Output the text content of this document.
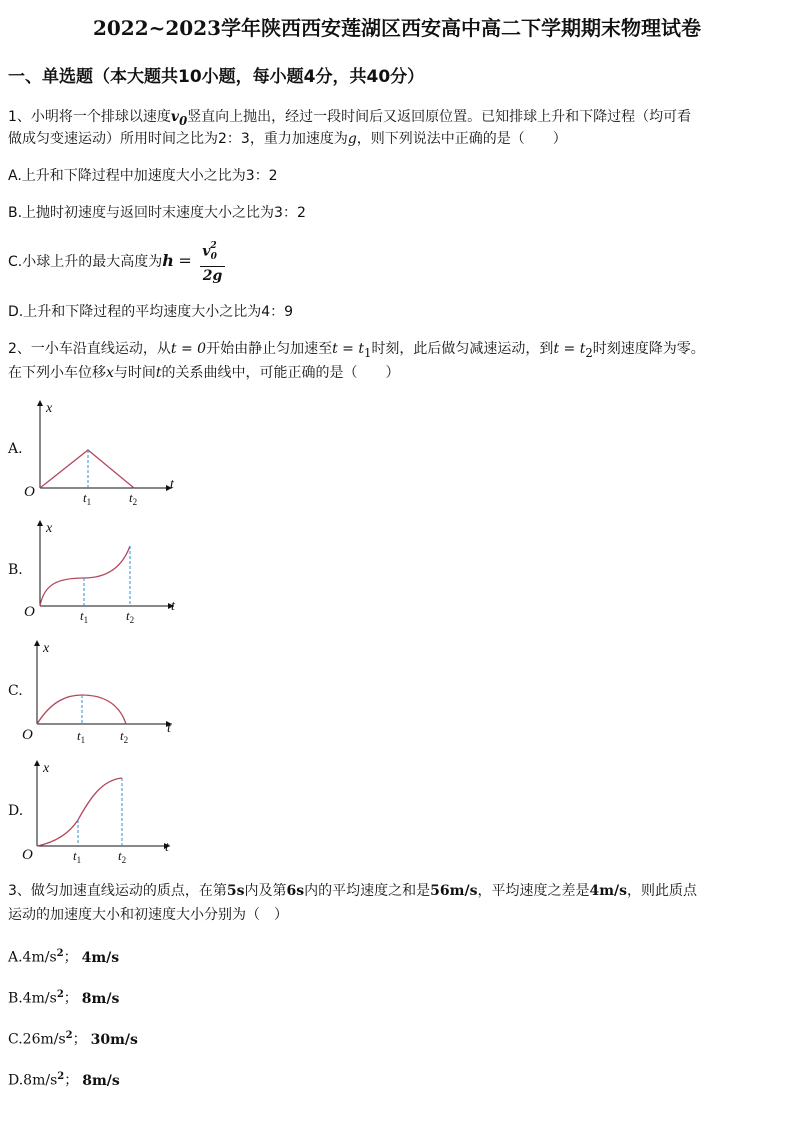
2022~2023学年陕西西安莲湖区西安高中高二下学期期末物理试卷
一、单选题（本大题共10小题，每小题4分，共40分）
1、小明将一个排球以速度$v_0$竖直向上抛出，经过一段时间后又返回原位置。已知排球上升和下降过程（均可看
做成匀变速运动）所用时间之比为2：3，重力加速度为g，则下列说法中正确的是（　　）
A.上升和下降过程中加速度大小之比为3：2
B.上抛时初速度与返回时末速度大小之比为3：2
C.小球上升的最大高度为$h = \frac{v^2_0}{2g}$
D.上升和下降过程的平均速度大小之比为4：9
2、一小车沿直线运动，从t = 0开始由静止匀加速至$t = t_1$时刻，此后做匀减速运动，到$t = t_2$时刻速度降为零。
在下列小车位移x与时间t的关系曲线中，可能正确的是（　　）
A.
x
t
O	$t_1$	$t_2$
B.
x
t
O	$t_1$	$t_2$
C.
x
t
O	$t_1$	$t_2$
D.
x
t
O	$t_1$	$t_2$
3、做匀加速直线运动的质点，在第5s内及第6s内的平均速度之和是56m/s，平均速度之差是4m/s，则此质点
运动的加速度大小和初速度大小分别为（　）
$A.4m/s^2$； 4m/s
$B.4m/s^2$； 8m/s
$C.26m/s^2$； 30m/s
$D.8m/s^2$； 8m/s
